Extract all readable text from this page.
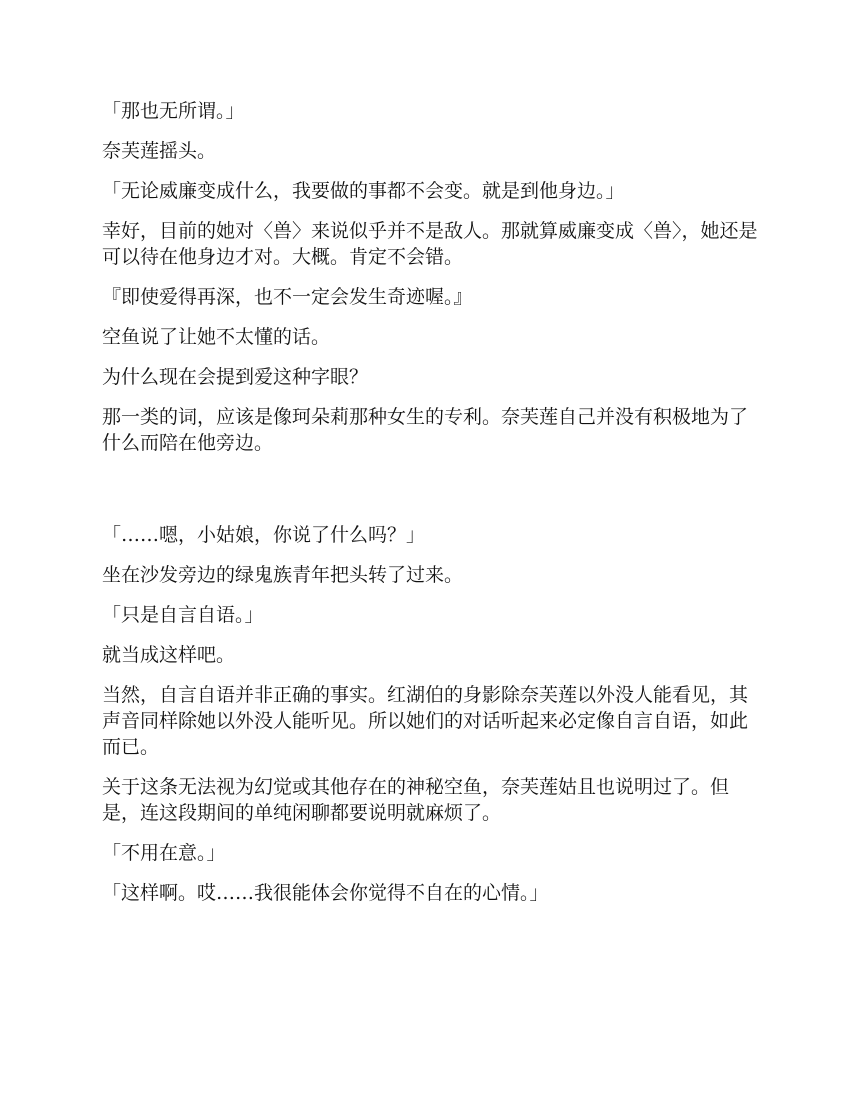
「那也无所谓。」

奈芙莲摇头。

「无论威廉变成什么，我要做的事都不会变。就是到他身边。」

幸好，目前的她对〈兽〉来说似乎并不是敌人。那就算威廉变成〈兽〉，她还是可以待在他身边才对。大概。肯定不会错。

『即使爱得再深，也不一定会发生奇迹喔。』

空鱼说了让她不太懂的话。

为什么现在会提到爱这种字眼？

那一类的词，应该是像珂朵莉那种女生的专利。奈芙莲自己并没有积极地为了什么而陪在他旁边。

「……嗯，小姑娘，你说了什么吗？」

坐在沙发旁边的绿鬼族青年把头转了过来。

「只是自言自语。」

就当成这样吧。

当然，自言自语并非正确的事实。红湖伯的身影除奈芙莲以外没人能看见，其声音同样除她以外没人能听见。所以她们的对话听起来必定像自言自语，如此而已。

关于这条无法视为幻觉或其他存在的神秘空鱼，奈芙莲姑且也说明过了。但是，连这段期间的单纯闲聊都要说明就麻烦了。

「不用在意。」

「这样啊。哎……我很能体会你觉得不自在的心情。」
